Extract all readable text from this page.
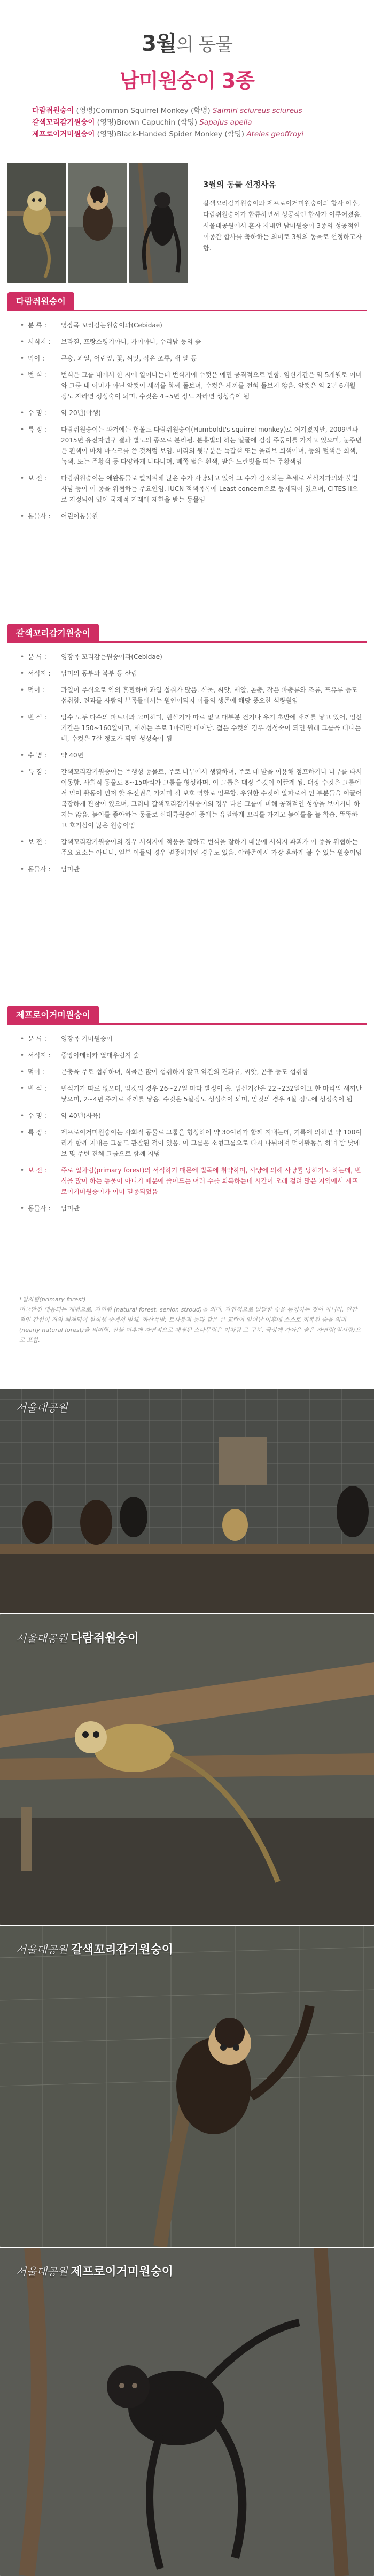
3월의 동물
남미원숭이 3종
다람쥐원숭이 (영명)Common Squirrel Monkey (학명) Saimiri sciureus sciureus
갈색꼬리감기원숭이 (영명)Brown Capuchin (학명) Sapajus apella
제프로이거미원숭이 (영명)Black-Handed Spider Monkey (학명) Ateles geoffroyi
3월의 동물 선정사유
갈색꼬리감기원숭이와 제프로이거미원숭이의 합사 이후, 다람쥐원숭이가 합류하면서 성공적인 합사가 이루어졌음. 서울대공원에서 혼자 지내던 남미원숭이 3종의 성공적인 이종간 합사를 축하하는 의미로 3월의 동물로 선정하고자 함.
다람쥐원숭이
• 분 류 :	영장목 꼬리감는원숭이과(Cebidae)
• 서식지 :	브라질, 프랑스령기아나, 가이아나, 수리남 등의 숲
• 먹이 :	곤충, 과일, 어린잎, 꽃, 씨앗, 작은 조류, 새 알 등
• 번 식 :	번식은 그룹 내에서 한 시에 일어나는데 번식기에 수컷은 예민 공격적으로 변함. 임신기간은 약 5개월로 어미와 그룹 내 어미가 아닌 암컷이 새끼를 함께 돌보며, 수컷은 새끼를 전혀 돌보지 않음. 암컷은 약 2년 6개월 정도 자라면 성성숙이 되며, 수컷은 4~5년 정도 자라면 성성숙이 됨
• 수 명 :	약 20년(야생)
• 특 징 :	다람쥐원숭이는 과거에는 험볼트 다람쥐원숭이(Humboldt's squirrel monkey)로 여겨졌지만, 2009년과 2015년 유전자연구 결과 별도의 종으로 분리됨. 분홍빛의 하는 얼굴에 검정 주둥이를 가지고 있으며, 눈주변은 흰색이 마치 마스크를 쓴 것처럼 보임. 머리의 뒷부분은 녹갈색 또는 올리브 회색이며, 등의 털색은 회색, 녹색, 또는 주황색 등 다양하게 나타나며, 배쪽 털은 흰색, 팔은 노란빛을 띠는 주황색임
• 보 전 :	다람쥐원숭이는 애완동물로 빨지위해 많은 수가 사냥되고 있어 그 수가 감소하는 추세로 서식지파괴와 불법 사냥 등이 이 종을 위협하는 주요인임. IUCN 적색목록에 Least concern으로 등재되어 있으며, CITES II으로 지정되어 있어 국제적 거래에 제한을 받는 동물임
• 동물사 :	어린이동물원
갈색꼬리감기원숭이
• 분 류 :	영장목 꼬리감는원숭이과(Cebidae)
• 서식지 :	남미의 동부와 북부 등 산림
• 먹이 :	과일이 주식으로 약의 혼환하며 과일 섭취가 많음. 식물, 씨앗, 새알, 곤충, 작은 파충류와 조류, 포유류 등도 섭취함. 견과를 사람의 부족들에서는 원인이되지 이들의 생존에 해당 중요한 식량원임
• 번 식 :	암수 모두 다수의 파트너와 교미하며, 번식기가 따로 없고 대부분 건기나 우기 초반에 새끼를 낳고 있어, 임신기간은 150~160일이고, 새끼는 주로 1마리만 태어남. 젊은 수컷의 경우 성성숙이 되면 원래 그룹을 떠나는데, 수컷은 7살 정도가 되면 성성숙이 됨
• 수 명 :	약 40년
• 특 징 :	갈색꼬리감기원숭이는 주행성 동물로, 주로 나무에서 생활하며, 주로 네 발을 이용해 점프하거나 나무를 타서 이동함. 사회적 동물로 8~15마리가 그룹을 형성하며, 이 그룹은 대장 수컷이 이끌게 됨. 대장 수컷은 그룹에서 먹이 활동이 먼저 할 우선권을 가지며 적 보호 역할로 임무함. 우월한 수컷이 알파로서 인 부분들을 이끌어 복잡하게 관찰이 있으며, 그러나 갈색꼬리감기원숭이의 경우 다른 그룹에 비해 공격적인 성향을 보이거나 하지는 않음. 높이를 좋아하는 동물로 신대륙원숭이 중에는 유일하게 꼬리를 가지고 높이를을 늘 학습, 똑똑하고 호기심이 많은 원숭이임
• 보 전 :	갈색꼬리감기원숭이의 경우 서식지에 적응을 잘하고 번식을 잘하기 때문에 서식지 파괴가 이 종을 위협하는 주요 요소는 아니나, 일부 이들의 경우 멸종위기인 경우도 있음. 야하존에서 가장 흔하게 볼 수 있는 원숭이임
• 동물사 :	남미관
제프로이거미원숭이
• 분 류 :	영장목 거미원숭이
• 서식지 :	중앙아메리카 열대우림지 숲
• 먹이 :	곤충을 주로 섭취하며, 식물은 많이 섭취하지 않고 약간의 견과류, 씨앗, 곤충 등도 섭취함
• 번 식 :	번식기가 따로 없으며, 암컷의 경우 26~27일 마다 발정이 옴. 임신기간은 22~232일이고 한 마리의 새끼만 낳으며, 2~4년 주기로 새끼를 낳음. 수컷은 5살정도 성성숙이 되며, 암컷의 경우 4살 정도에 성성숙이 됨
• 수 명 :	약 40년(사육)
• 특 징 :	제프로이거미원숭이는 사회적 동물로 그룹을 형성하여 약 30여리가 함께 지내는데, 기록에 의하면 약 100여리가 함께 지내는 그룹도 관찰된 적이 있음. 이 그룹은 소형그룹으로 다시 나뉘어져 먹이활동을 하며 밤 낮에 보 및 주변 진체 그룹으로 함께 지냄
• 보 전 :	주로 일차림(primary forest)의 서식하기 때문에 벌목에 취약하며, 사냥에 의해 사냥률 당하기도 하는데, 번식을 많이 하는 동물이 아니기 때문에 줄어드는 여러 수를 회복하는데 시간이 오래 걸려 많은 지역에서 제프로이거미원숭이가 이미 멸종되었음
• 동물사 :	남미관
*일차림(primary forest)
미국환경 대응되는 개념으로, 자연림 (natural forest, senior, stroud)을 의미. 자연적으로 발달한 숲을 통칭하는 것이 아니라, 인간적인 간섭이 거의 배제되어 원식생 중에서 벌채, 화산폭발, 토사붕괴 등과 같은 큰 교란이 일어난 이후에 스스로 회복된 숲을 의미 (nearly natural forest)을 의미함. 산불 이후에 자연적으로 재생된 소나무림은 이차림 로 구분. 극상에 가까운 숲은 자연림(원시림)으로 포함.
서울대공원
서울대공원 다람쥐원숭이
서울대공원 갈색꼬리감기원숭이
서울대공원 제프로이거미원숭이
